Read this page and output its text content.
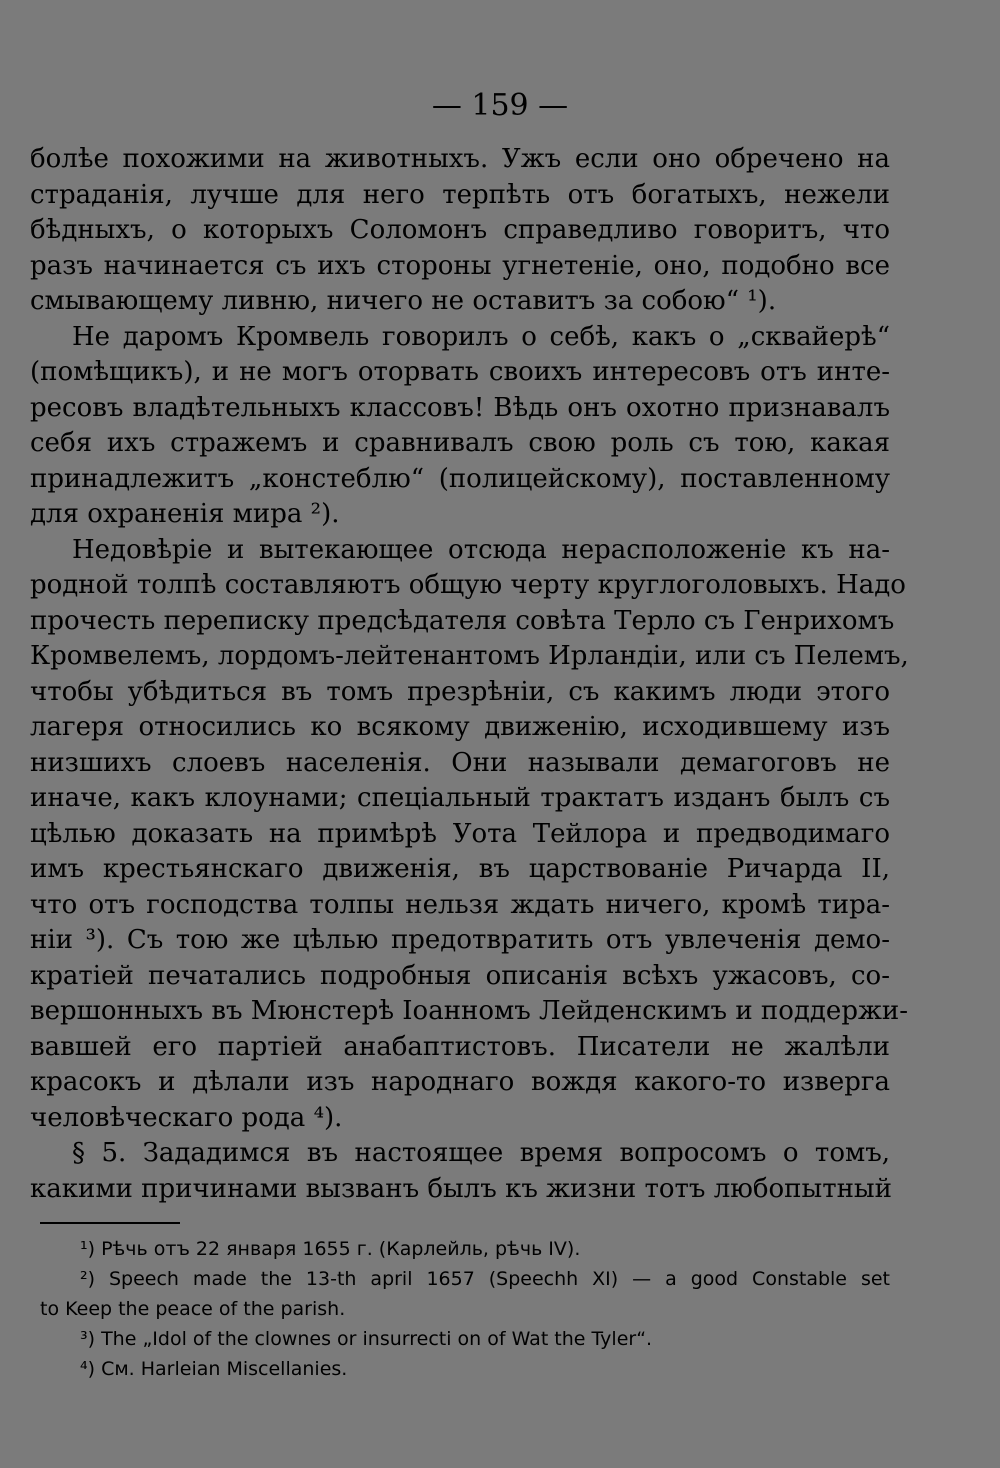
— 159 —
болѣе похожими на животныхъ. Ужъ если оно обречено на
страданія, лучше для него терпѣть отъ богатыхъ, нежели
бѣдныхъ, о которыхъ Соломонъ справедливо говоритъ, что
разъ начинается съ ихъ стороны угнетеніе, оно, подобно все
смывающему ливню, ничего не оставитъ за собою“ ¹).
Не даромъ Кромвель говорилъ о себѣ, какъ о „сквайерѣ“
(помѣщикъ), и не могъ оторвать своихъ интересовъ отъ инте-
ресовъ владѣтельныхъ классовъ! Вѣдь онъ охотно признавалъ
себя ихъ стражемъ и сравнивалъ свою роль съ тою, какая
принадлежитъ „констеблю“ (полицейскому), поставленному
для охраненія мира ²).
Недовѣріе и вытекающее отсюда нерасположеніе къ на-
родной толпѣ составляютъ общую черту круглоголовыхъ. Надо
прочесть переписку предсѣдателя совѣта Терло съ Генрихомъ
Кромвелемъ, лордомъ-лейтенантомъ Ирландіи, или съ Пелемъ,
чтобы убѣдиться въ томъ презрѣніи, съ какимъ люди этого
лагеря относились ко всякому движенію, исходившему изъ
низшихъ слоевъ населенія. Они называли демагоговъ не
иначе, какъ клоунами; спеціальный трактатъ изданъ былъ съ
цѣлью доказать на примѣрѣ Уота Тейлора и предводимаго
имъ крестьянскаго движенія, въ царствованіе Ричарда II,
что отъ господства толпы нельзя ждать ничего, кромѣ тира-
ніи ³). Съ тою же цѣлью предотвратить отъ увлеченія демо-
кратіей печатались подробныя описанія всѣхъ ужасовъ, со-
вершонныхъ въ Мюнстерѣ Іоанномъ Лейденскимъ и поддержи-
вавшей его партіей анабаптистовъ. Писатели не жалѣли
красокъ и дѣлали изъ народнаго вождя какого-то изверга
человѣческаго рода ⁴).
§ 5. Зададимся въ настоящее время вопросомъ о томъ,
какими причинами вызванъ былъ къ жизни тотъ любопытный
¹) Рѣчь отъ 22 января 1655 г. (Карлейль, рѣчь IV).
²) Speech made the 13-th april 1657 (Speechh XI) — a good Constable set
to Keep the peace of the parish.
³) The „Idol of the clownes or insurrecti on of Wat the Tyler“.
⁴) См. Harleian Miscellanies.
